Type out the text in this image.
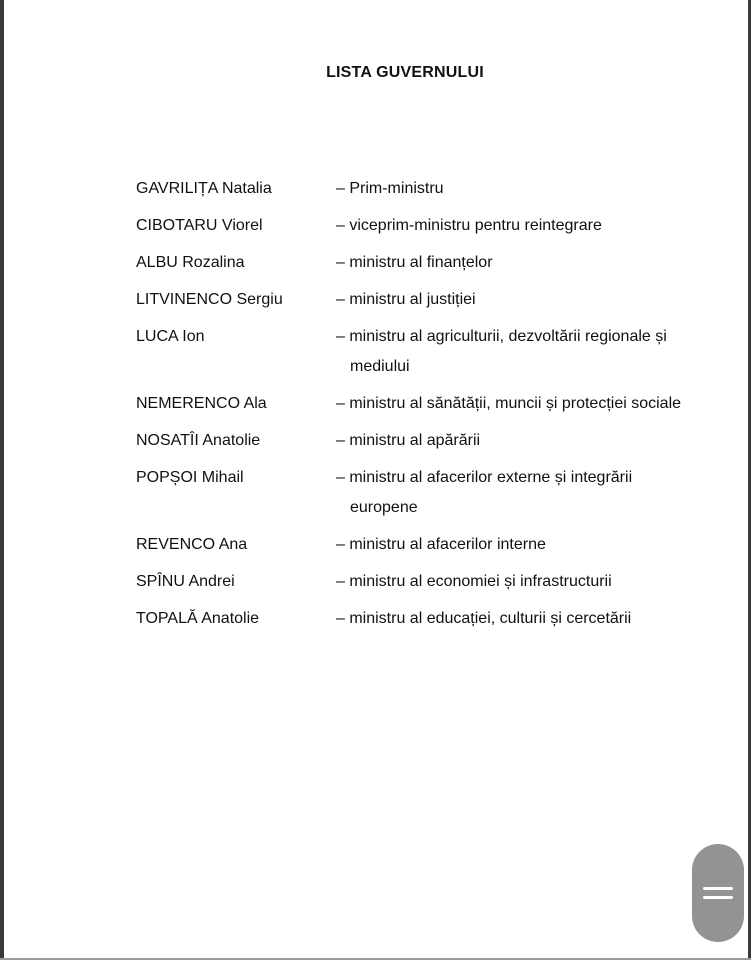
LISTA GUVERNULUI
GAVRILIȚA Natalia	– Prim-ministru
CIBOTARU Viorel	– viceprim-ministru pentru reintegrare
ALBU Rozalina	– ministru al finanțelor
LITVINENCO Sergiu	– ministru al justiției
LUCA Ion	– ministru al agriculturii, dezvoltării regionale și mediului
NEMERENCO Ala	– ministru al sănătății, muncii și protecției sociale
NOSATÎI Anatolie	– ministru al apărării
POPȘOI Mihail	– ministru al afacerilor externe și integrării europene
REVENCO Ana	– ministru al afacerilor interne
SPÎNU Andrei	– ministru al economiei și infrastructurii
TOPALĂ Anatolie	– ministru al educației, culturii și cercetării
